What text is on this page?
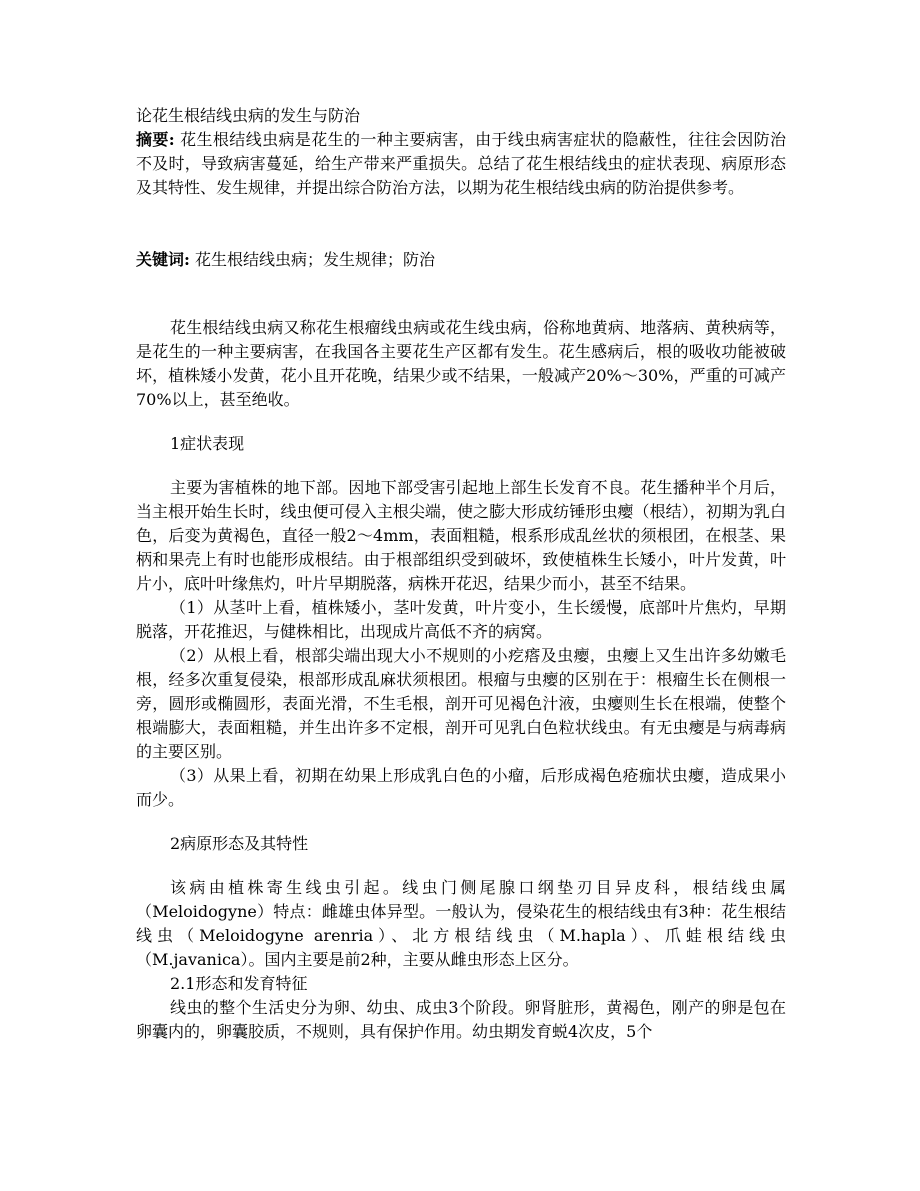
论花生根结线虫病的发生与防治

摘要: 花生根结线虫病是花生的一种主要病害，由于线虫病害症状的隐蔽性，往往会因防治不及时，导致病害蔓延，给生产带来严重损失。总结了花生根结线虫的症状表现、病原形态及其特性、发生规律，并提出综合防治方法，以期为花生根结线虫病的防治提供参考。

关键词: 花生根结线虫病；发生规律；防治

花生根结线虫病又称花生根瘤线虫病或花生线虫病，俗称地黄病、地落病、黄秧病等，是花生的一种主要病害，在我国各主要花生产区都有发生。花生感病后，根的吸收功能被破坏，植株矮小发黄，花小且开花晚，结果少或不结果，一般减产20%～30%，严重的可减产70%以上，甚至绝收。

1症状表现

主要为害植株的地下部。因地下部受害引起地上部生长发育不良。花生播种半个月后，当主根开始生长时，线虫便可侵入主根尖端，使之膨大形成纺锤形虫瘿（根结），初期为乳白色，后变为黄褐色，直径一般2～4mm，表面粗糙，根系形成乱丝状的须根团，在根茎、果柄和果壳上有时也能形成根结。由于根部组织受到破坏，致使植株生长矮小，叶片发黄，叶片小，底叶叶缘焦灼，叶片早期脱落，病株开花迟，结果少而小，甚至不结果。

（1）从茎叶上看，植株矮小，茎叶发黄，叶片变小，生长缓慢，底部叶片焦灼，早期脱落，开花推迟，与健株相比，出现成片高低不齐的病窝。

（2）从根上看，根部尖端出现大小不规则的小疙瘩及虫瘿，虫瘿上又生出许多幼嫩毛根，经多次重复侵染，根部形成乱麻状须根团。根瘤与虫瘿的区别在于：根瘤生长在侧根一旁，圆形或椭圆形，表面光滑，不生毛根，剖开可见褐色汁液，虫瘿则生长在根端，使整个根端膨大，表面粗糙，并生出许多不定根，剖开可见乳白色粒状线虫。有无虫瘿是与病毒病的主要区别。

（3）从果上看，初期在幼果上形成乳白色的小瘤，后形成褐色疮痂状虫瘿，造成果小而少。

2病原形态及其特性

该病由植株寄生线虫引起。线虫门侧尾腺口纲垫刃目异皮科，根结线虫属（Meloidogyne）特点：雌雄虫体异型。一般认为，侵染花生的根结线虫有3种：花生根结线虫（Meloidogyne arenria）、北方根结线虫（M.hapla）、爪蛙根结线虫（M.javanica）。国内主要是前2种，主要从雌虫形态上区分。

2.1形态和发育特征

线虫的整个生活史分为卵、幼虫、成虫3个阶段。卵肾脏形，黄褐色，刚产的卵是包在卵囊内的，卵囊胶质，不规则，具有保护作用。幼虫期发育蜕4次皮，5个
